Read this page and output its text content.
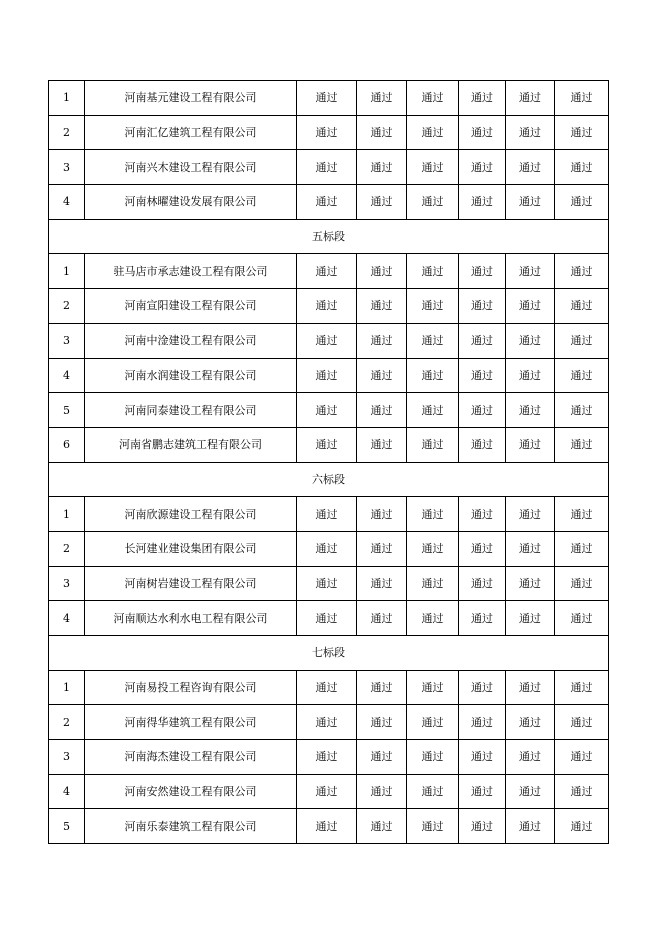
1	河南基元建设工程有限公司	通过	通过	通过	通过	通过	通过
2	河南汇亿建筑工程有限公司	通过	通过	通过	通过	通过	通过
3	河南兴木建设工程有限公司	通过	通过	通过	通过	通过	通过
4	河南林曜建设发展有限公司	通过	通过	通过	通过	通过	通过
五标段							
1	驻马店市承志建设工程有限公司	通过	通过	通过	通过	通过	通过
2	河南宣阳建设工程有限公司	通过	通过	通过	通过	通过	通过
3	河南中淦建设工程有限公司	通过	通过	通过	通过	通过	通过
4	河南水润建设工程有限公司	通过	通过	通过	通过	通过	通过
5	河南同泰建设工程有限公司	通过	通过	通过	通过	通过	通过
6	河南省鹏志建筑工程有限公司	通过	通过	通过	通过	通过	通过
六标段							
1	河南欣源建设工程有限公司	通过	通过	通过	通过	通过	通过
2	长河建业建设集团有限公司	通过	通过	通过	通过	通过	通过
3	河南树岩建设工程有限公司	通过	通过	通过	通过	通过	通过
4	河南顺达水利水电工程有限公司	通过	通过	通过	通过	通过	通过
七标段							
1	河南易投工程咨询有限公司	通过	通过	通过	通过	通过	通过
2	河南得华建筑工程有限公司	通过	通过	通过	通过	通过	通过
3	河南海杰建设工程有限公司	通过	通过	通过	通过	通过	通过
4	河南安然建设工程有限公司	通过	通过	通过	通过	通过	通过
5	河南乐泰建筑工程有限公司	通过	通过	通过	通过	通过	通过
